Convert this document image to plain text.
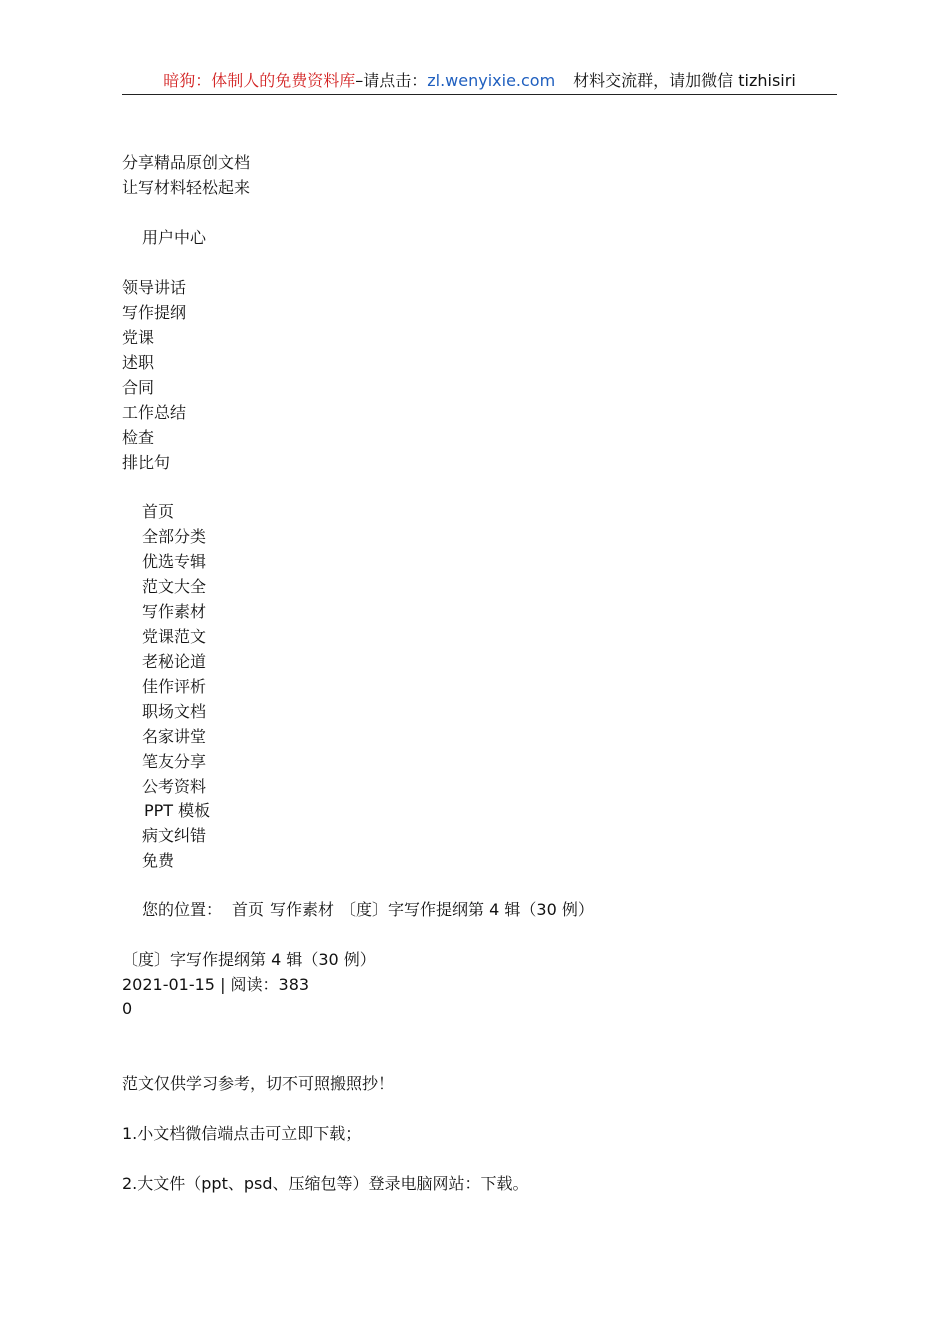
暗狗：体制人的免费资料库–请点击：zl.wenyixie.com 材料交流群，请加微信 tizhisiri

分享精品原创文档

让写材料轻松起来

用户中心

领导讲话

写作提纲

党课

述职

合同

工作总结

检查

排比句

首页

全部分类

优选专辑

范文大全

写作素材

党课范文

老秘论道

佳作评析

职场文档

名家讲堂

笔友分享

公考资料

PPT 模板

病文纠错

免费

您的位置： 首页 写作素材 〔度〕字写作提纲第 4 辑（30 例）

〔度〕字写作提纲第 4 辑（30 例）

2021-01-15 | 阅读：383

0

范文仅供学习参考，切不可照搬照抄！

1.小文档微信端点击可立即下载；

2.大文件（ppt、psd、压缩包等）登录电脑网站：下载。
